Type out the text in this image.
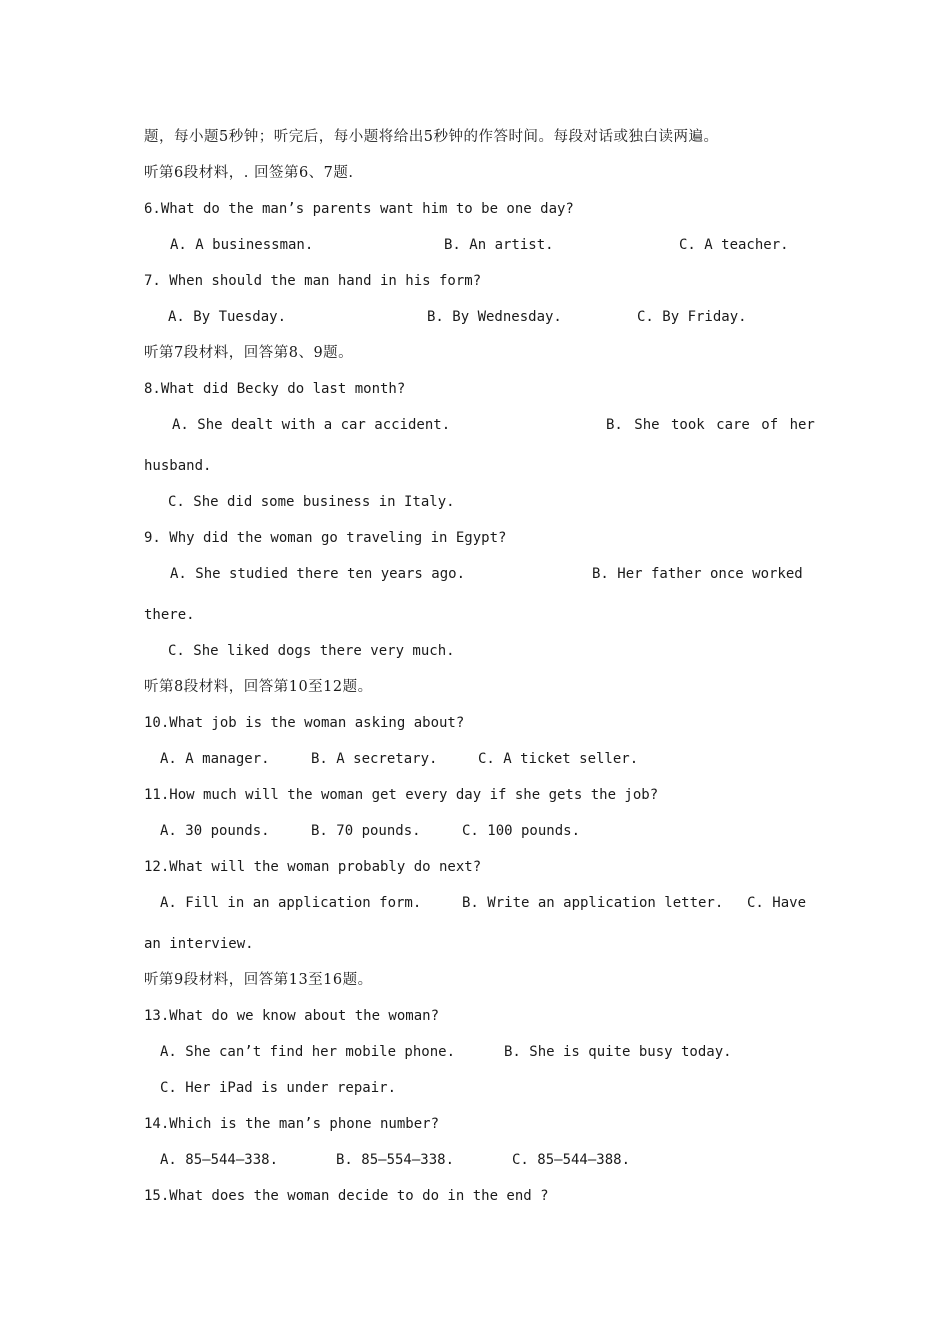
题，每小题5秒钟；听完后，每小题将给出5秒钟的作答时间。每段对话或独白读两遍。
听第6段材料，. 回签第6、7题.
6.What do the man’s parents want him to be one day?
A. A businessman.	B. An artist.	C. A teacher.
7. When should the man hand in his form?
A. By Tuesday.	B. By Wednesday.	C. By Friday.
听第7段材料，回答第8、9题。
8.What did Becky do last month?
A. She dealt with a car accident.	B. She took care of her
husband.
C. She did some business in Italy.
9. Why did the woman go traveling in Egypt?
A. She studied there ten years ago.	B. Her father once worked
there.
C. She liked dogs there very much.
听第8段材料，回答第10至12题。
10.What job is the woman asking about?
A. A manager.	B. A secretary.	C. A ticket seller.
11.How much will the woman get every day if she gets the job?
A. 30 pounds.	B. 70 pounds.	C. 100 pounds.
12.What will the woman probably do next?
A. Fill in an application form.	B. Write an application letter. C. Have
an interview.
听第9段材料，回答第13至16题。
13.What do we know about the woman?
A. She can’t find her mobile phone.	B. She is quite busy today.
C. Her iPad is under repair.
14.Which is the man’s phone number?
A. 85—544—338.	B. 85—554—338.	C. 85—544—388.
15.What does the woman decide to do in the end ?
